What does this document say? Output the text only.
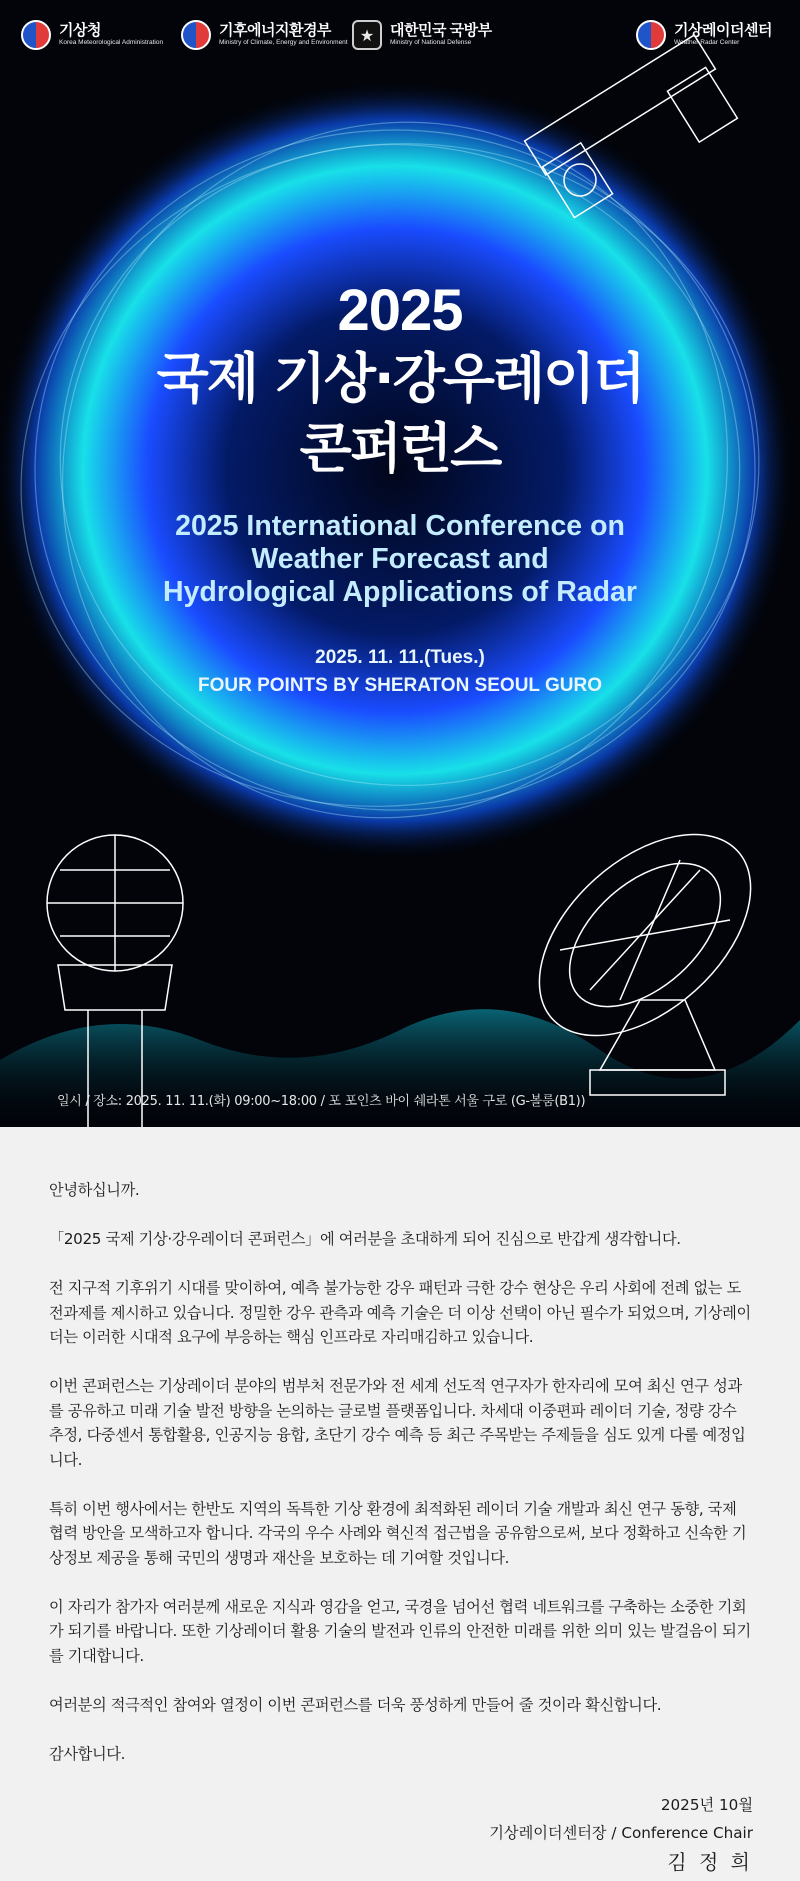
기상청
Korea Meteorological Administration
기후에너지환경부
Ministry of Climate, Energy and Environment ★	대한민국 국방부
Ministry of National Defense
기상레이더센터
Weather Radar Center
2025
국제 기상·강우레이더
콘퍼런스
2025 International Conference on
Weather Forecast and
Hydrological Applications of Radar
2025. 11. 11.(Tues.)
FOUR POINTS BY SHERATON SEOUL GURO
일시 / 장소: 2025. 11. 11.(화) 09:00~18:00 / 포 포인츠 바이 쉐라톤 서울 구로 (G-볼룸(B1))

안녕하십니까.

「2025 국제 기상·강우레이더 콘퍼런스」에 여러분을 초대하게 되어 진심으로 반갑게 생각합니다.

전 지구적 기후위기 시대를 맞이하여, 예측 불가능한 강우 패턴과 극한 강수 현상은 우리 사회에 전례 없는 도전과제를 제시하고 있습니다. 정밀한 강우 관측과 예측 기술은 더 이상 선택이 아닌 필수가 되었으며, 기상레이더는 이러한 시대적 요구에 부응하는 핵심 인프라로 자리매김하고 있습니다.

이번 콘퍼런스는 기상레이더 분야의 범부처 전문가와 전 세계 선도적 연구자가 한자리에 모여 최신 연구 성과를 공유하고 미래 기술 발전 방향을 논의하는 글로벌 플랫폼입니다. 차세대 이중편파 레이더 기술, 정량 강수 추정, 다중센서 통합활용, 인공지능 융합, 초단기 강수 예측 등 최근 주목받는 주제들을 심도 있게 다룰 예정입니다.

특히 이번 행사에서는 한반도 지역의 독특한 기상 환경에 최적화된 레이더 기술 개발과 최신 연구 동향, 국제 협력 방안을 모색하고자 합니다. 각국의 우수 사례와 혁신적 접근법을 공유함으로써, 보다 정확하고 신속한 기상정보 제공을 통해 국민의 생명과 재산을 보호하는 데 기여할 것입니다.

이 자리가 참가자 여러분께 새로운 지식과 영감을 얻고, 국경을 넘어선 협력 네트워크를 구축하는 소중한 기회가 되기를 바랍니다. 또한 기상레이더 활용 기술의 발전과 인류의 안전한 미래를 위한 의미 있는 발걸음이 되기를 기대합니다.

여러분의 적극적인 참여와 열정이 이번 콘퍼런스를 더욱 풍성하게 만들어 줄 것이라 확신합니다.

감사합니다.

2025년 10월
기상레이더센터장 / Conference Chair
김 정 희
